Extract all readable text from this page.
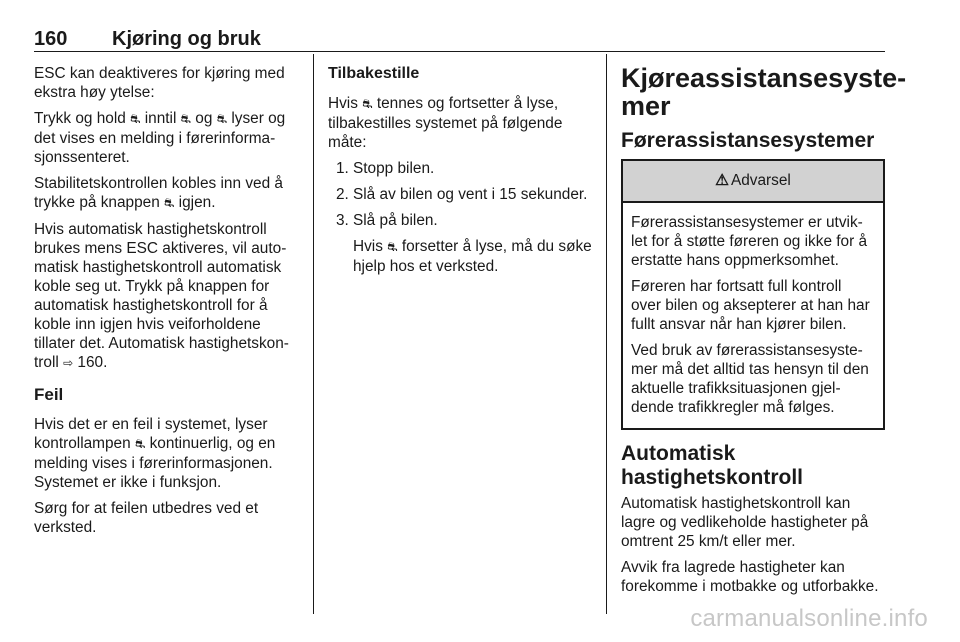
160 Kjøring og bruk

ESC kan deaktiveres for kjøring med ekstra høy ytelse:

Trykk og hold ⛐ inntil ⛐ og ⛐ lyser og det vises en melding i førerinforma-sjonssenteret.

Stabilitetskontrollen kobles inn ved å trykke på knappen ⛐ igjen.

Hvis automatisk hastighetskontroll brukes mens ESC aktiveres, vil auto-matisk hastighetskontroll automatisk koble seg ut. Trykk på knappen for automatisk hastighetskontroll for å koble inn igjen hvis veiforholdene tillater det. Automatisk hastighetskon-troll ⇨ 160.

Feil

Hvis det er en feil i systemet, lyser kontrollampen ⛐ kontinuerlig, og en melding vises i førerinformasjonen. Systemet er ikke i funksjon.

Sørg for at feilen utbedres ved et verksted.

Tilbakestille

Hvis ⛐ tennes og fortsetter å lyse, tilbakestilles systemet på følgende måte:

1. Stopp bilen.
2. Slå av bilen og vent i 15 sekunder.
3. Slå på bilen.

Hvis ⛐ forsetter å lyse, må du søke hjelp hos et verksted.

Kjøreassistansesyste-mer
Førerassistansesystemer
⚠ Advarsel

Førerassistansesystemer er utvik-let for å støtte føreren og ikke for å erstatte hans oppmerksomhet.

Føreren har fortsatt full kontroll over bilen og aksepterer at han har fullt ansvar når han kjører bilen.

Ved bruk av førerassistansesyste-mer må det alltid tas hensyn til den aktuelle trafikksituasjonen gjel-dende trafikkregler må følges.

Automatisk hastighetskontroll

Automatisk hastighetskontroll kan lagre og vedlikeholde hastigheter på omtrent 25 km/t eller mer.

Avvik fra lagrede hastigheter kan forekomme i motbakke og utforbakke.

carmanualsonline.info
